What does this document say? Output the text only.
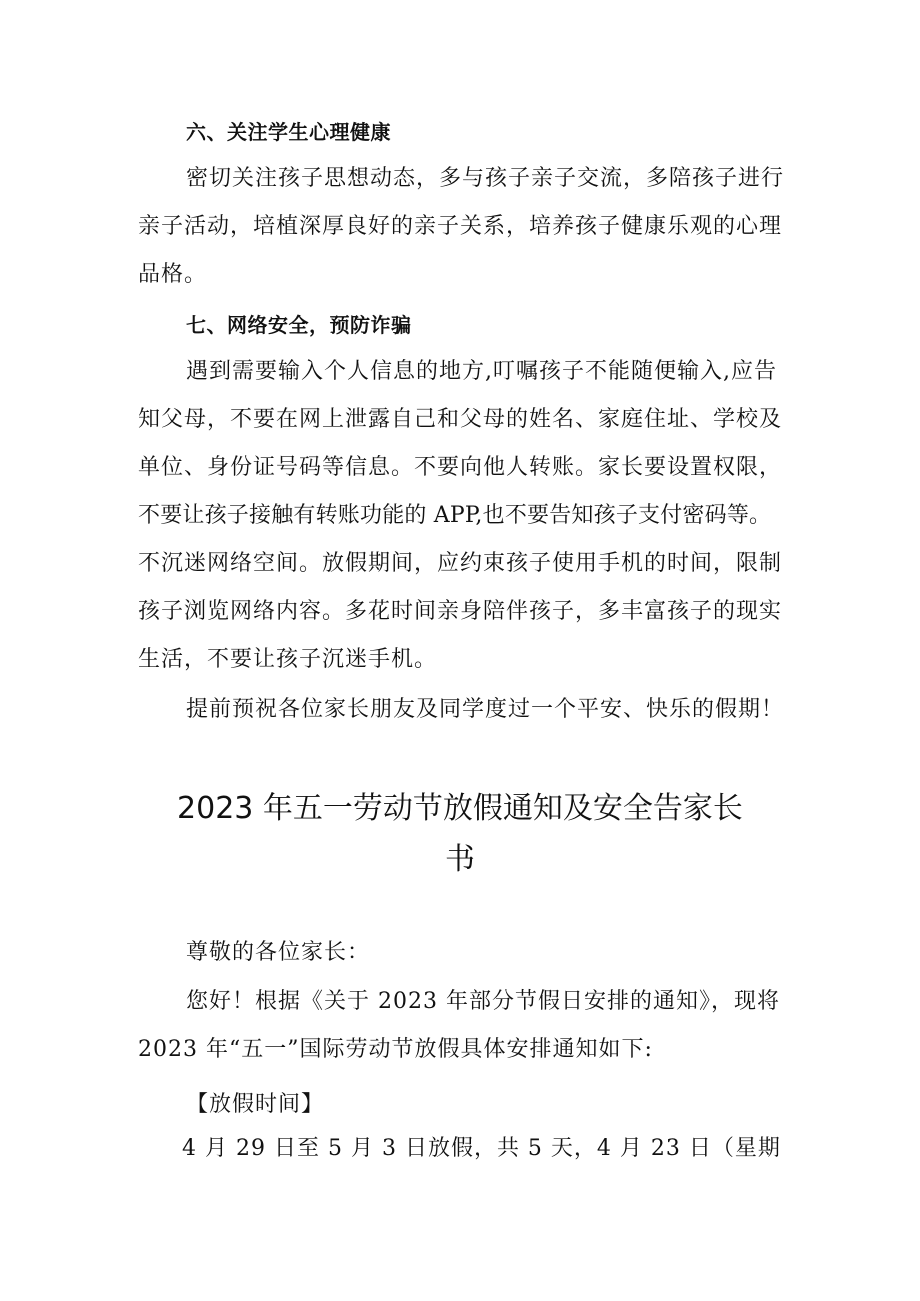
六、关注学生心理健康
密切关注孩子思想动态，多与孩子亲子交流，多陪孩子进行
亲子活动，培植深厚良好的亲子关系，培养孩子健康乐观的心理
品格。
七、网络安全，预防诈骗
遇到需要输入个人信息的地方,叮嘱孩子不能随便输入,应告
知父母，不要在网上泄露自己和父母的姓名、家庭住址、学校及
单位、身份证号码等信息。不要向他人转账。家长要设置权限，
不要让孩子接触有转账功能的 APP,也不要告知孩子支付密码等。
不沉迷网络空间。放假期间，应约束孩子使用手机的时间，限制
孩子浏览网络内容。多花时间亲身陪伴孩子，多丰富孩子的现实
生活，不要让孩子沉迷手机。
提前预祝各位家长朋友及同学度过一个平安、快乐的假期！
2023 年五一劳动节放假通知及安全告家长
书
尊敬的各位家长：
您好！根据《关于 2023 年部分节假日安排的通知》，现将
2023 年“五一”国际劳动节放假具体安排通知如下:
【放假时间】
4 月 29 日至 5 月 3 日放假，共 5 天，4 月 23 日（星期
